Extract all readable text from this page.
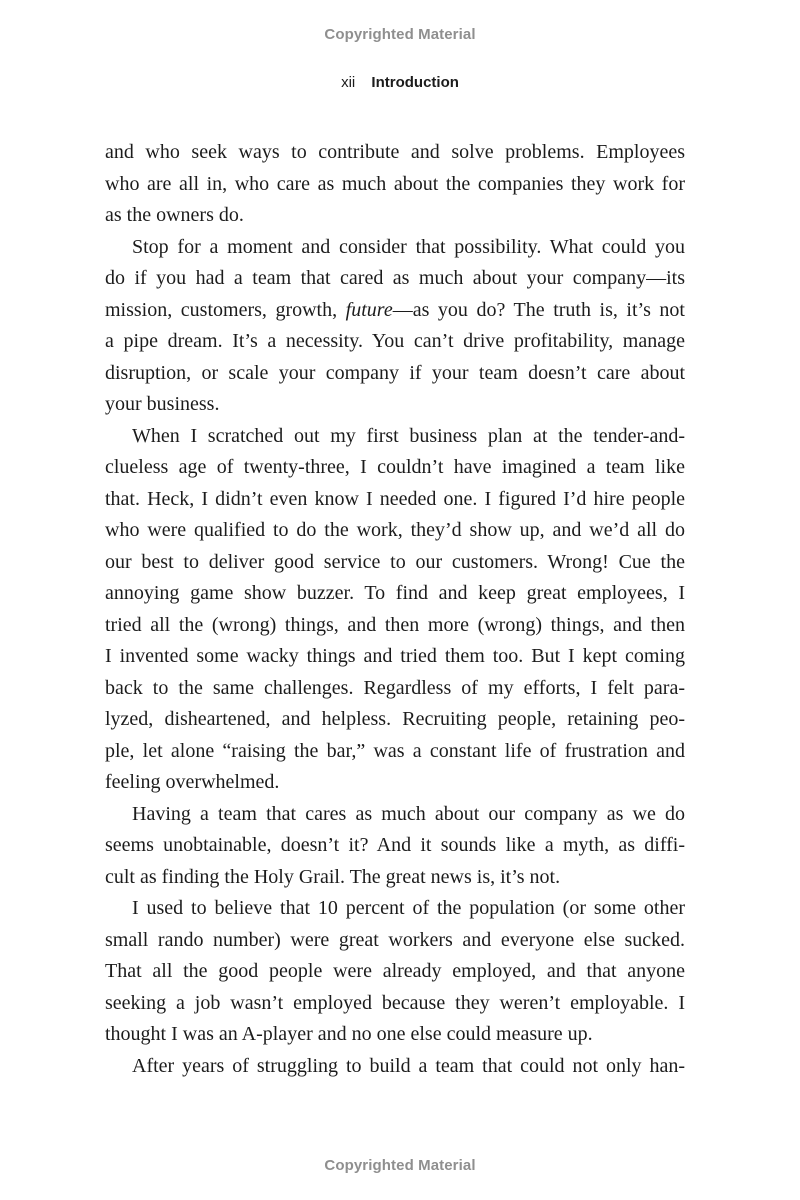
Copyrighted Material
xii Introduction

and who seek ways to contribute and solve problems. Employees
who are all in, who care as much about the companies they work for
as the owners do.

Stop for a moment and consider that possibility. What could you
do if you had a team that cared as much about your company—its
mission, customers, growth, future—as you do? The truth is, it’s not
a pipe dream. It’s a necessity. You can’t drive profitability, manage
disruption, or scale your company if your team doesn’t care about
your business.

When I scratched out my first business plan at the tender-and-
clueless age of twenty-three, I couldn’t have imagined a team like
that. Heck, I didn’t even know I needed one. I figured I’d hire people
who were qualified to do the work, they’d show up, and we’d all do
our best to deliver good service to our customers. Wrong! Cue the
annoying game show buzzer. To find and keep great employees, I
tried all the (wrong) things, and then more (wrong) things, and then
I invented some wacky things and tried them too. But I kept coming
back to the same challenges. Regardless of my efforts, I felt para-
lyzed, disheartened, and helpless. Recruiting people, retaining peo-
ple, let alone “raising the bar,” was a constant life of frustration and
feeling overwhelmed.

Having a team that cares as much about our company as we do
seems unobtainable, doesn’t it? And it sounds like a myth, as diffi-
cult as finding the Holy Grail. The great news is, it’s not.

I used to believe that 10 percent of the population (or some other
small rando number) were great workers and everyone else sucked.
That all the good people were already employed, and that anyone
seeking a job wasn’t employed because they weren’t employable. I
thought I was an A-player and no one else could measure up.

After years of struggling to build a team that could not only han-

Copyrighted Material
